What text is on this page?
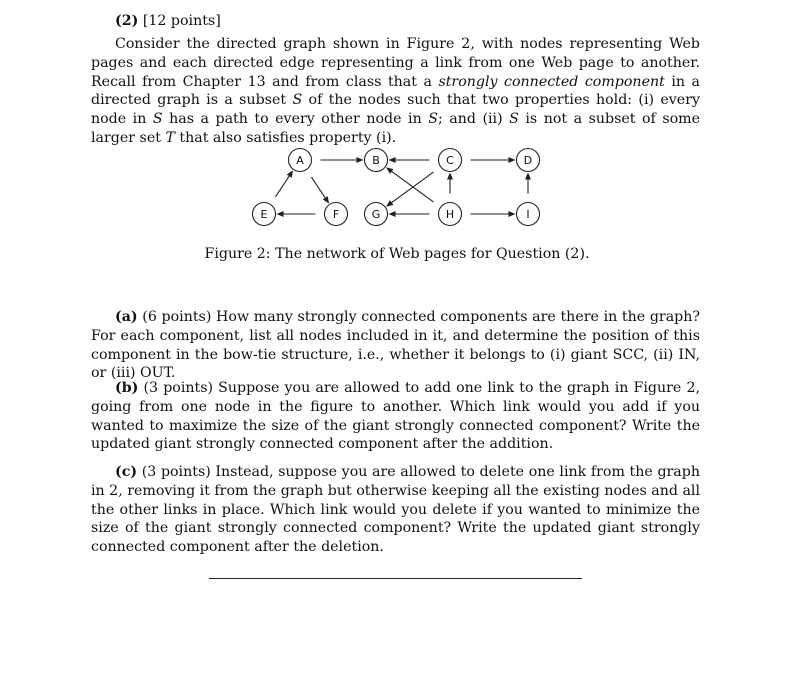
(2) [12 points]

Consider the directed graph shown in Figure 2, with nodes representing Web pages and each directed edge representing a link from one Web page to another. Recall from Chapter 13 and from class that a strongly connected component in a directed graph is a subset S of the nodes such that two properties hold: (i) every node in S has a path to every other node in S; and (ii) S is not a subset of some larger set T that also satisfies property (i).

A	B	C	D
E	F	G	H	I
Figure 2: The network of Web pages for Question (2).

(a) (6 points) How many strongly connected components are there in the graph? For each component, list all nodes included in it, and determine the position of this component in the bow-tie structure, i.e., whether it belongs to (i) giant SCC, (ii) IN, or (iii) OUT.

(b) (3 points) Suppose you are allowed to add one link to the graph in Figure 2, going from one node in the figure to another. Which link would you add if you wanted to maximize the size of the giant strongly connected component? Write the updated giant strongly connected component after the addition.

(c) (3 points) Instead, suppose you are allowed to delete one link from the graph in 2, removing it from the graph but otherwise keeping all the existing nodes and all the other links in place. Which link would you delete if you wanted to minimize the size of the giant strongly connected component? Write the updated giant strongly connected component after the deletion.
